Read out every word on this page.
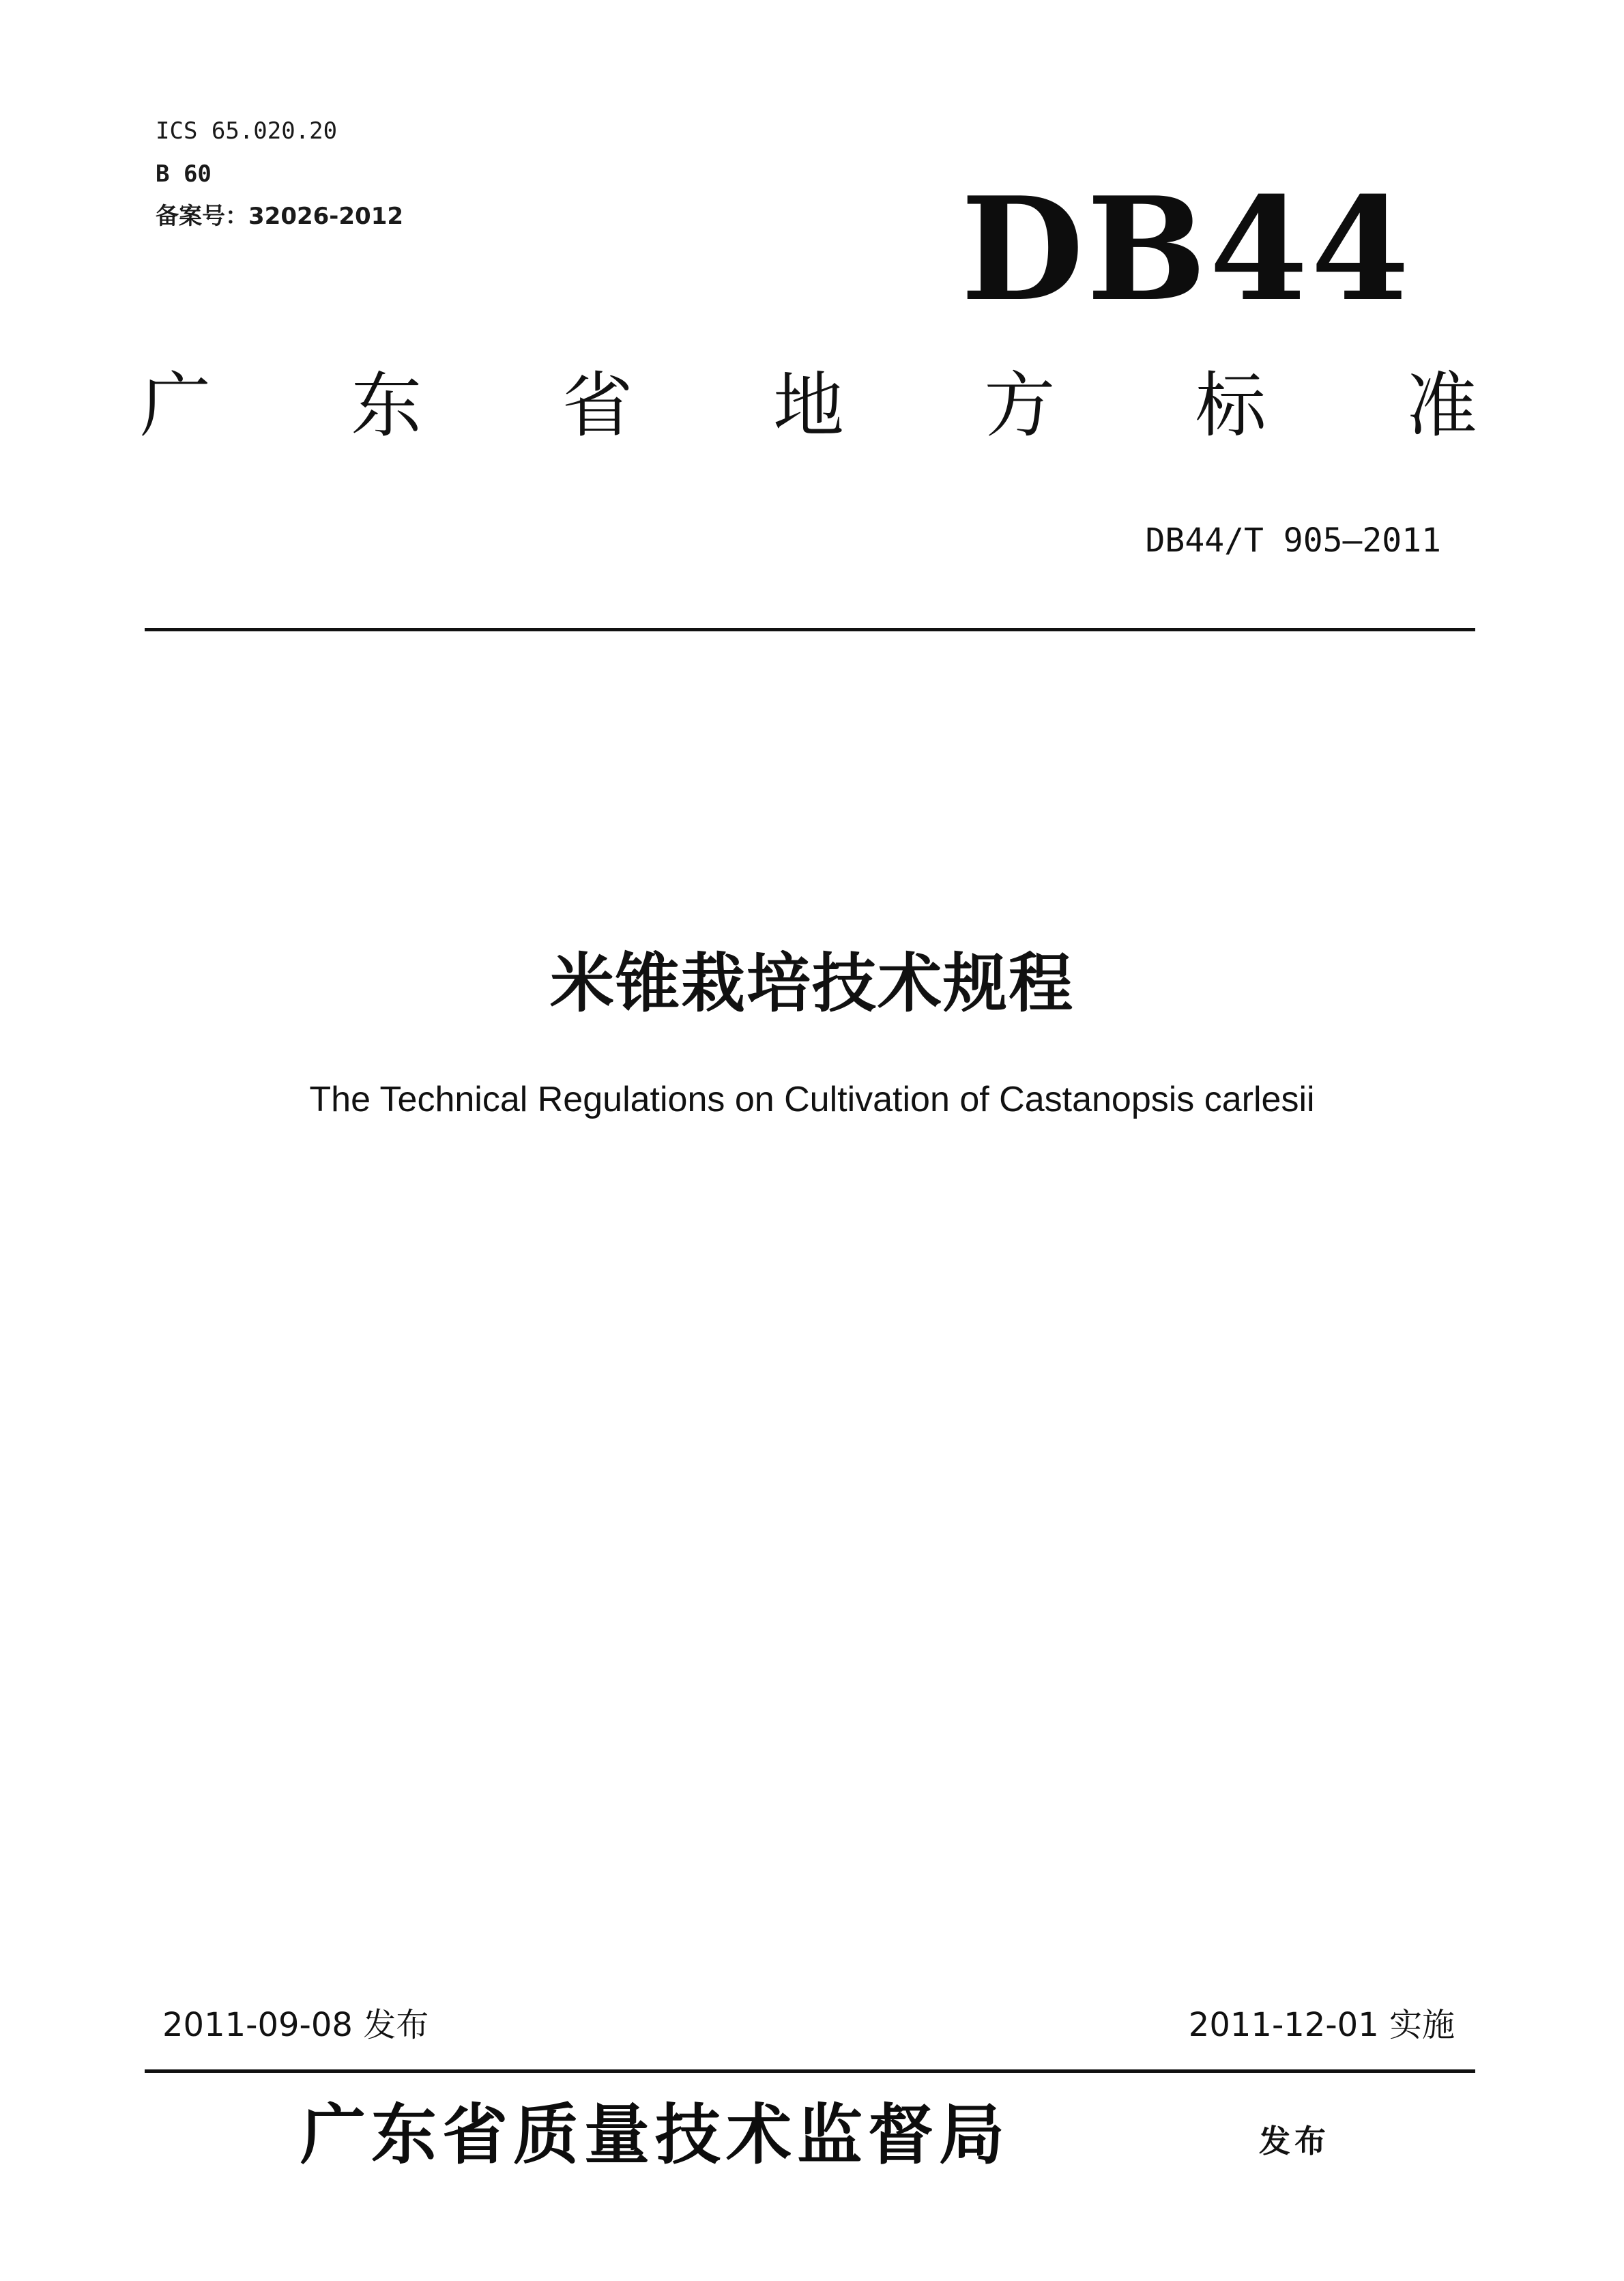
ICS 65.020.20
B 60
备案号：32026-2012	DB44
广 东 省 地 方 标 准
DB44/T 905—2011
米锥栽培技术规程
The Technical Regulations on Cultivation of Castanopsis carlesii
2011-09-08 发布	2011-12-01 实施
广东省质量技术监督局	发布
